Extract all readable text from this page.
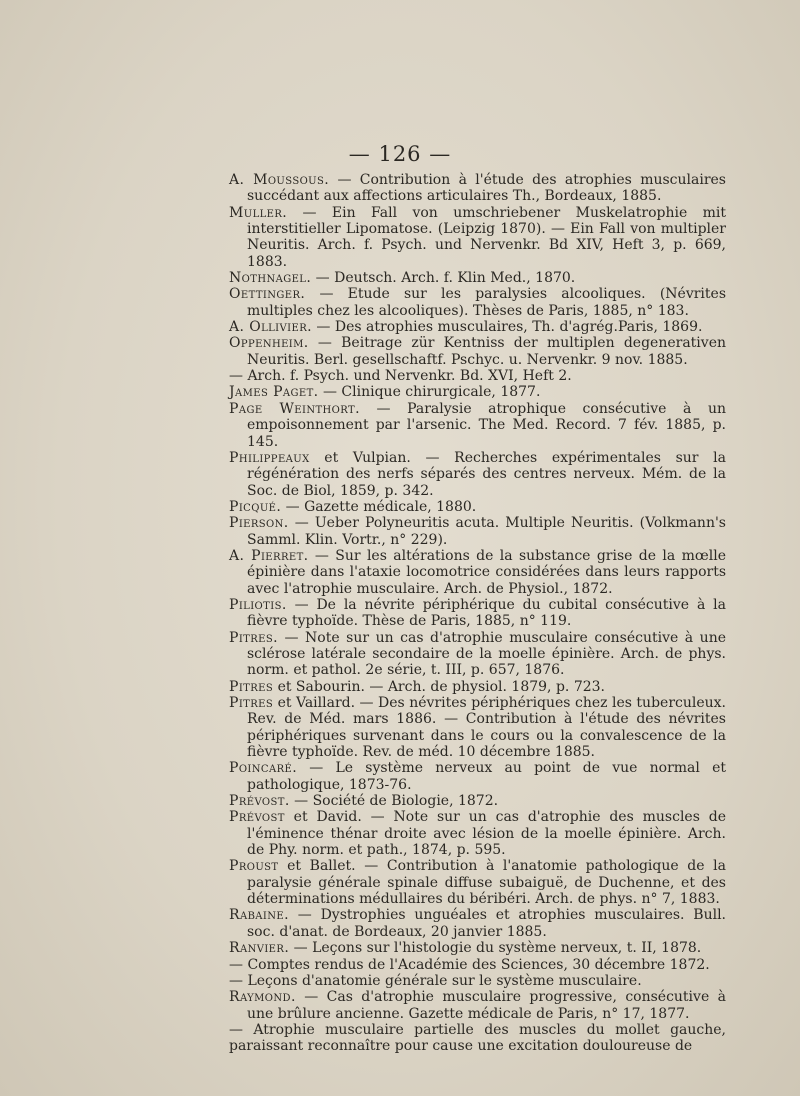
— 126 —

A. Moussous. — Contribution à l'étude des atrophies musculaires succédant aux affections articulaires Th., Bordeaux, 1885.

Muller. — Ein Fall von umschriebener Muskelatrophie mit interstitieller Lipomatose. (Leipzig 1870). — Ein Fall von multipler Neuritis. Arch. f. Psych. und Nervenkr. Bd XIV, Heft 3, p. 669, 1883.

Nothnagel. — Deutsch. Arch. f. Klin Med., 1870.

Oettinger. — Etude sur les paralysies alcooliques. (Névrites multiples chez les alcooliques). Thèses de Paris, 1885, n° 183.

A. Ollivier. — Des atrophies musculaires, Th. d'agrég.Paris, 1869.

Oppenheim. — Beitrage zür Kentniss der multiplen degenerativen Neuritis. Berl. gesellschaftf. Pschyc. u. Nervenkr. 9 nov. 1885.

— Arch. f. Psych. und Nervenkr. Bd. XVI, Heft 2.

James Paget. — Clinique chirurgicale, 1877.

Page Weinthort. — Paralysie atrophique consécutive à un empoisonnement par l'arsenic. The Med. Record. 7 fév. 1885, p. 145.

Philippeaux et Vulpian. — Recherches expérimentales sur la régénération des nerfs séparés des centres nerveux. Mém. de la Soc. de Biol, 1859, p. 342.

Picqué. — Gazette médicale, 1880.

Pierson. — Ueber Polyneuritis acuta. Multiple Neuritis. (Volkmann's Samml. Klin. Vortr., n° 229).

A. Pierret. — Sur les altérations de la substance grise de la mœlle épinière dans l'ataxie locomotrice considérées dans leurs rapports avec l'atrophie musculaire. Arch. de Physiol., 1872.

Piliotis. — De la névrite périphérique du cubital consécutive à la fièvre typhoïde. Thèse de Paris, 1885, n° 119.

Pitres. — Note sur un cas d'atrophie musculaire consécutive à une sclérose latérale secondaire de la moelle épinière. Arch. de phys. norm. et pathol. 2e série, t. III, p. 657, 1876.

Pitres et Sabourin. — Arch. de physiol. 1879, p. 723.

Pitres et Vaillard. — Des névrites périphériques chez les tuberculeux. Rev. de Méd. mars 1886. — Contribution à l'étude des névrites périphériques survenant dans le cours ou la convalescence de la fièvre typhoïde. Rev. de méd. 10 décembre 1885.

Poincaré. — Le système nerveux au point de vue normal et pathologique, 1873-76.

Prévost. — Société de Biologie, 1872.

Prévost et David. — Note sur un cas d'atrophie des muscles de l'éminence thénar droite avec lésion de la moelle épinière. Arch. de Phy. norm. et path., 1874, p. 595.

Proust et Ballet. — Contribution à l'anatomie pathologique de la paralysie générale spinale diffuse subaiguë, de Duchenne, et des déterminations médullaires du béribéri. Arch. de phys. n° 7, 1883.

Rabaine. — Dystrophies unguéales et atrophies musculaires. Bull. soc. d'anat. de Bordeaux, 20 janvier 1885.

Ranvier. — Leçons sur l'histologie du système nerveux, t. II, 1878.

— Comptes rendus de l'Académie des Sciences, 30 décembre 1872.

— Leçons d'anatomie générale sur le système musculaire.

Raymond. — Cas d'atrophie musculaire progressive, consécutive à une brûlure ancienne. Gazette médicale de Paris, n° 17, 1877.

— Atrophie musculaire partielle des muscles du mollet gauche, paraissant reconnaître pour cause une excitation douloureuse de
